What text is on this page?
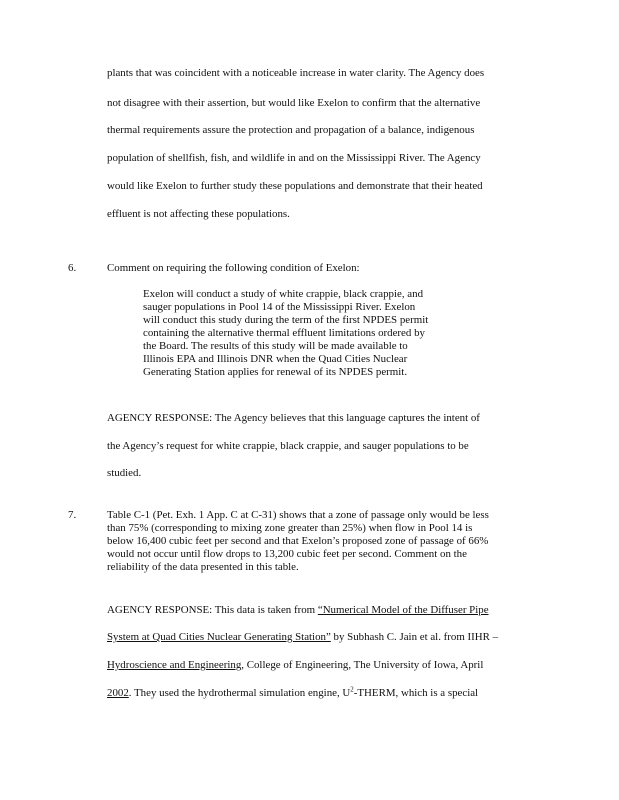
plants that was coincident with a noticeable increase in water clarity. The Agency does
not disagree with their assertion, but would like Exelon to confirm that the alternative
thermal requirements assure the protection and propagation of a balance, indigenous
population of shellfish, fish, and wildlife in and on the Mississippi River. The Agency
would like Exelon to further study these populations and demonstrate that their heated
effluent is not affecting these populations.
6.	Comment on requiring the following condition of Exelon:
Exelon will conduct a study of white crappie, black crappie, and
sauger populations in Pool 14 of the Mississippi River. Exelon
will conduct this study during the term of the first NPDES permit
containing the alternative thermal effluent limitations ordered by
the Board. The results of this study will be made available to
Illinois EPA and Illinois DNR when the Quad Cities Nuclear
Generating Station applies for renewal of its NPDES permit.
AGENCY RESPONSE: The Agency believes that this language captures the intent of
the Agency’s request for white crappie, black crappie, and sauger populations to be
studied.
7.	Table C-1 (Pet. Exh. 1 App. C at C-31) shows that a zone of passage only would be less
than 75% (corresponding to mixing zone greater than 25%) when flow in Pool 14 is
below 16,400 cubic feet per second and that Exelon’s proposed zone of passage of 66%
would not occur until flow drops to 13,200 cubic feet per second. Comment on the
reliability of the data presented in this table.
AGENCY RESPONSE: This data is taken from “Numerical Model of the Diffuser Pipe
System at Quad Cities Nuclear Generating Station” by Subhash C. Jain et al. from IIHR –
Hydroscience and Engineering, College of Engineering, The University of Iowa, April
2002. They used the hydrothermal simulation engine, $U^2$-THERM, which is a special
